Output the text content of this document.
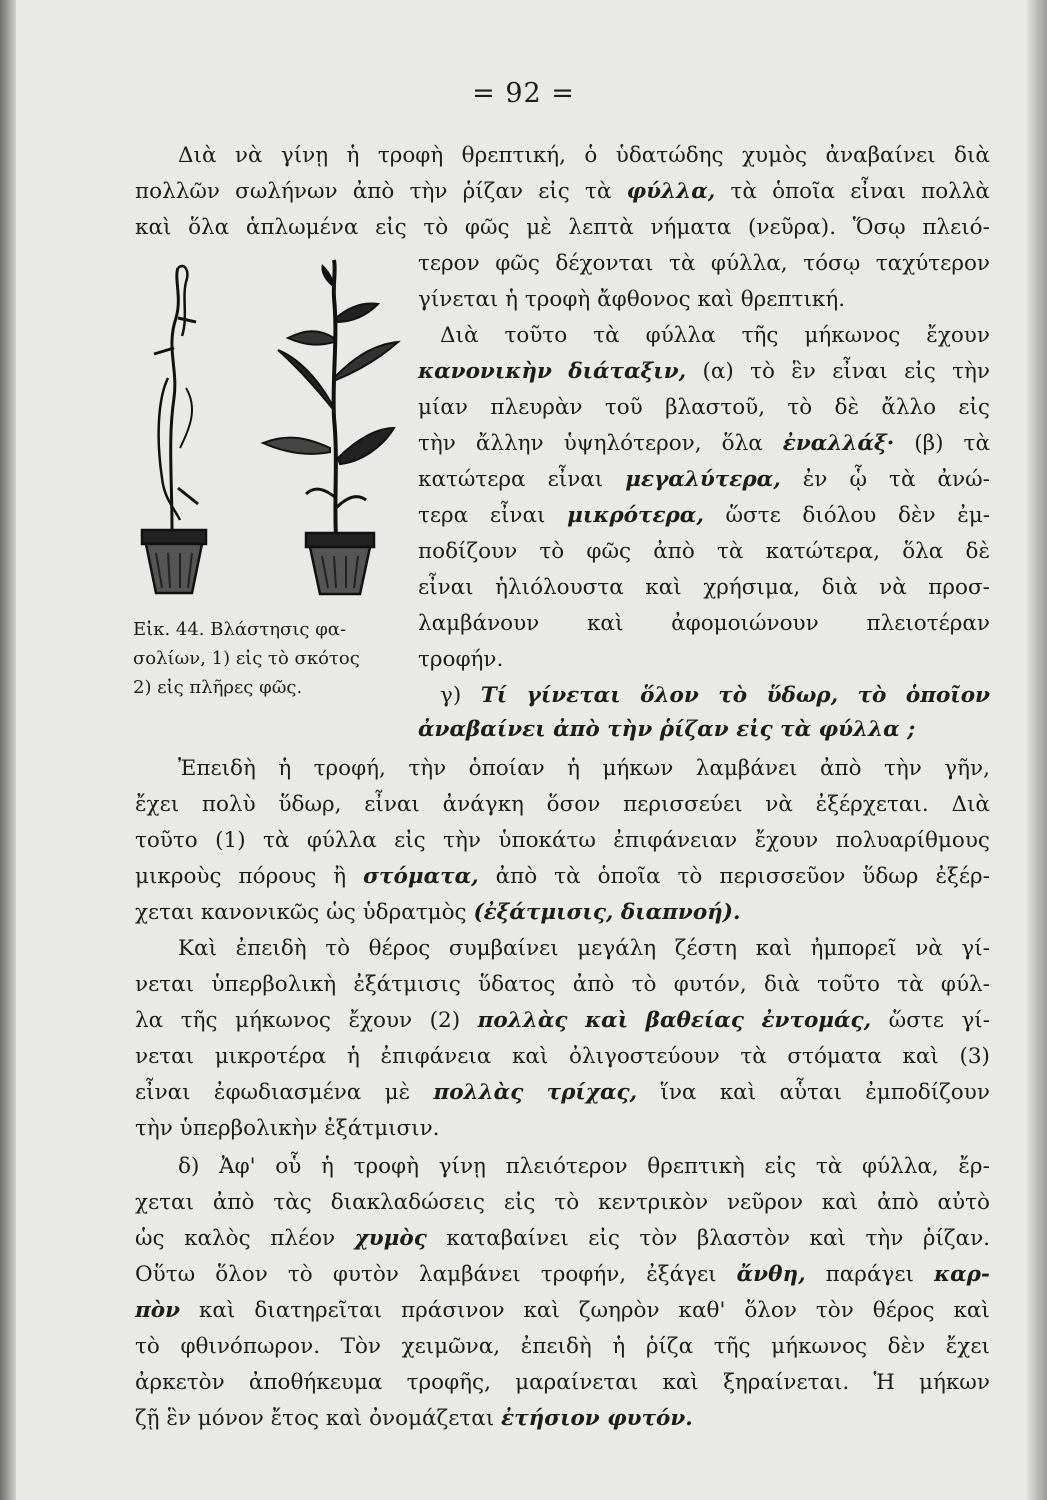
= 92 =
Εἰκ. 44. Βλάστησις φα-
σολίων, 1) εἰς τὸ σκότος
2) εἰς πλῆρες φῶς.
Διὰ νὰ γίνῃ ἡ τροφὴ θρεπτική, ὁ ὑδατώδης χυμὸς ἀναβαίνει διὰ
πολλῶν σωλήνων ἀπὸ τὴν ῥίζαν εἰς τὰ φύλλα, τὰ ὁποῖα εἶναι πολλὰ
καὶ ὅλα ἁπλωμένα εἰς τὸ φῶς μὲ λεπτὰ νήματα (νεῦρα). Ὅσῳ πλειό-
τερον φῶς δέχονται τὰ φύλλα, τόσῳ ταχύτερον
γίνεται ἡ τροφὴ ἄφθονος καὶ θρεπτική.
Διὰ τοῦτο τὰ φύλλα τῆς μήκωνος ἔχουν
κανονικὴν διάταξιν, (α) τὸ ἓν εἶναι εἰς τὴν
μίαν πλευρὰν τοῦ βλαστοῦ, τὸ δὲ ἄλλο εἰς
τὴν ἄλλην ὑψηλότερον, ὅλα ἐναλλάξ· (β) τὰ
κατώτερα εἶναι μεγαλύτερα, ἐν ᾧ τὰ ἀνώ-
τερα εἶναι μικρότερα, ὥστε διόλου δὲν ἐμ-
ποδίζουν τὸ φῶς ἀπὸ τὰ κατώτερα, ὅλα δὲ
εἶναι ἡλιόλουστα καὶ χρήσιμα, διὰ νὰ προσ-
λαμβάνουν καὶ ἀφομοιώνουν πλειοτέραν
τροφήν.
γ) Τί γίνεται ὅλον τὸ ὕδωρ, τὸ ὁποῖον
ἀναβαίνει ἀπὸ τὴν ῥίζαν εἰς τὰ φύλλα ;
Ἐπειδὴ ἡ τροφή, τὴν ὁποίαν ἡ μήκων λαμβάνει ἀπὸ τὴν γῆν,
ἔχει πολὺ ὕδωρ, εἶναι ἀνάγκη ὅσον περισσεύει νὰ ἐξέρχεται. Διὰ
τοῦτο (1) τὰ φύλλα εἰς τὴν ὑποκάτω ἐπιφάνειαν ἔχουν πολυαρίθμους
μικροὺς πόρους ἢ στόματα, ἀπὸ τὰ ὁποῖα τὸ περισσεῦον ὕδωρ ἐξέρ-
χεται κανονικῶς ὡς ὑδρατμὸς (ἐξάτμισις, διαπνοή).
Καὶ ἐπειδὴ τὸ θέρος συμβαίνει μεγάλη ζέστη καὶ ἠμπορεῖ νὰ γί-
νεται ὑπερβολικὴ ἐξάτμισις ὕδατος ἀπὸ τὸ φυτόν, διὰ τοῦτο τὰ φύλ-
λα τῆς μήκωνος ἔχουν (2) πολλὰς καὶ βαθείας ἐντομάς, ὥστε γί-
νεται μικροτέρα ἡ ἐπιφάνεια καὶ ὀλιγοστεύουν τὰ στόματα καὶ (3)
εἶναι ἐφωδιασμένα μὲ πολλὰς τρίχας, ἵνα καὶ αὗται ἐμποδίζουν
τὴν ὑπερβολικὴν ἐξάτμισιν.
δ) Ἀφ' οὗ ἡ τροφὴ γίνῃ πλειότερον θρεπτικὴ εἰς τὰ φύλλα, ἔρ-
χεται ἀπὸ τὰς διακλαδώσεις εἰς τὸ κεντρικὸν νεῦρον καὶ ἀπὸ αὐτὸ
ὡς καλὸς πλέον χυμὸς καταβαίνει εἰς τὸν βλαστὸν καὶ τὴν ῥίζαν.
Οὕτω ὅλον τὸ φυτὸν λαμβάνει τροφήν, ἐξάγει ἄνθη, παράγει καρ-
πὸν καὶ διατηρεῖται πράσινον καὶ ζωηρὸν καθ' ὅλον τὸν θέρος καὶ
τὸ φθινόπωρον. Τὸν χειμῶνα, ἐπειδὴ ἡ ῥίζα τῆς μήκωνος δὲν ἔχει
ἀρκετὸν ἀποθήκευμα τροφῆς, μαραίνεται καὶ ξηραίνεται. Ἡ μήκων
ζῇ ἓν μόνον ἔτος καὶ ὀνομάζεται ἐτήσιον φυτόν.
